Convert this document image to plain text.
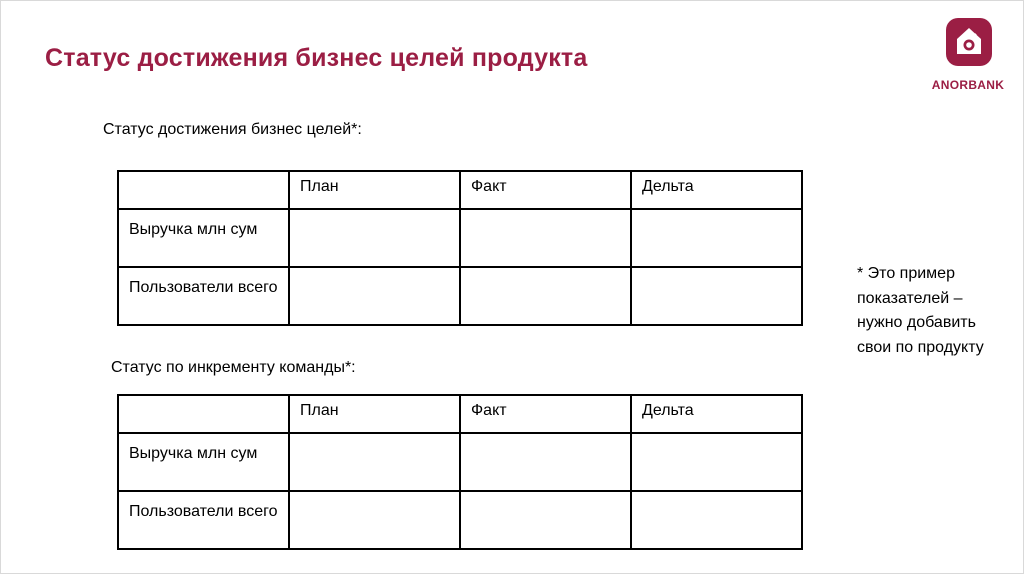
Статус достижения бизнес целей продукта
ANORBANK
Статус достижения бизнес целей*:
	План	Факт	Дельта
Выручка млн сум			
Пользователи всего			
Статус по инкременту команды*:
	План	Факт	Дельта
Выручка млн сум			
Пользователи всего			
* Это пример показателей – нужно добавить свои по продукту
